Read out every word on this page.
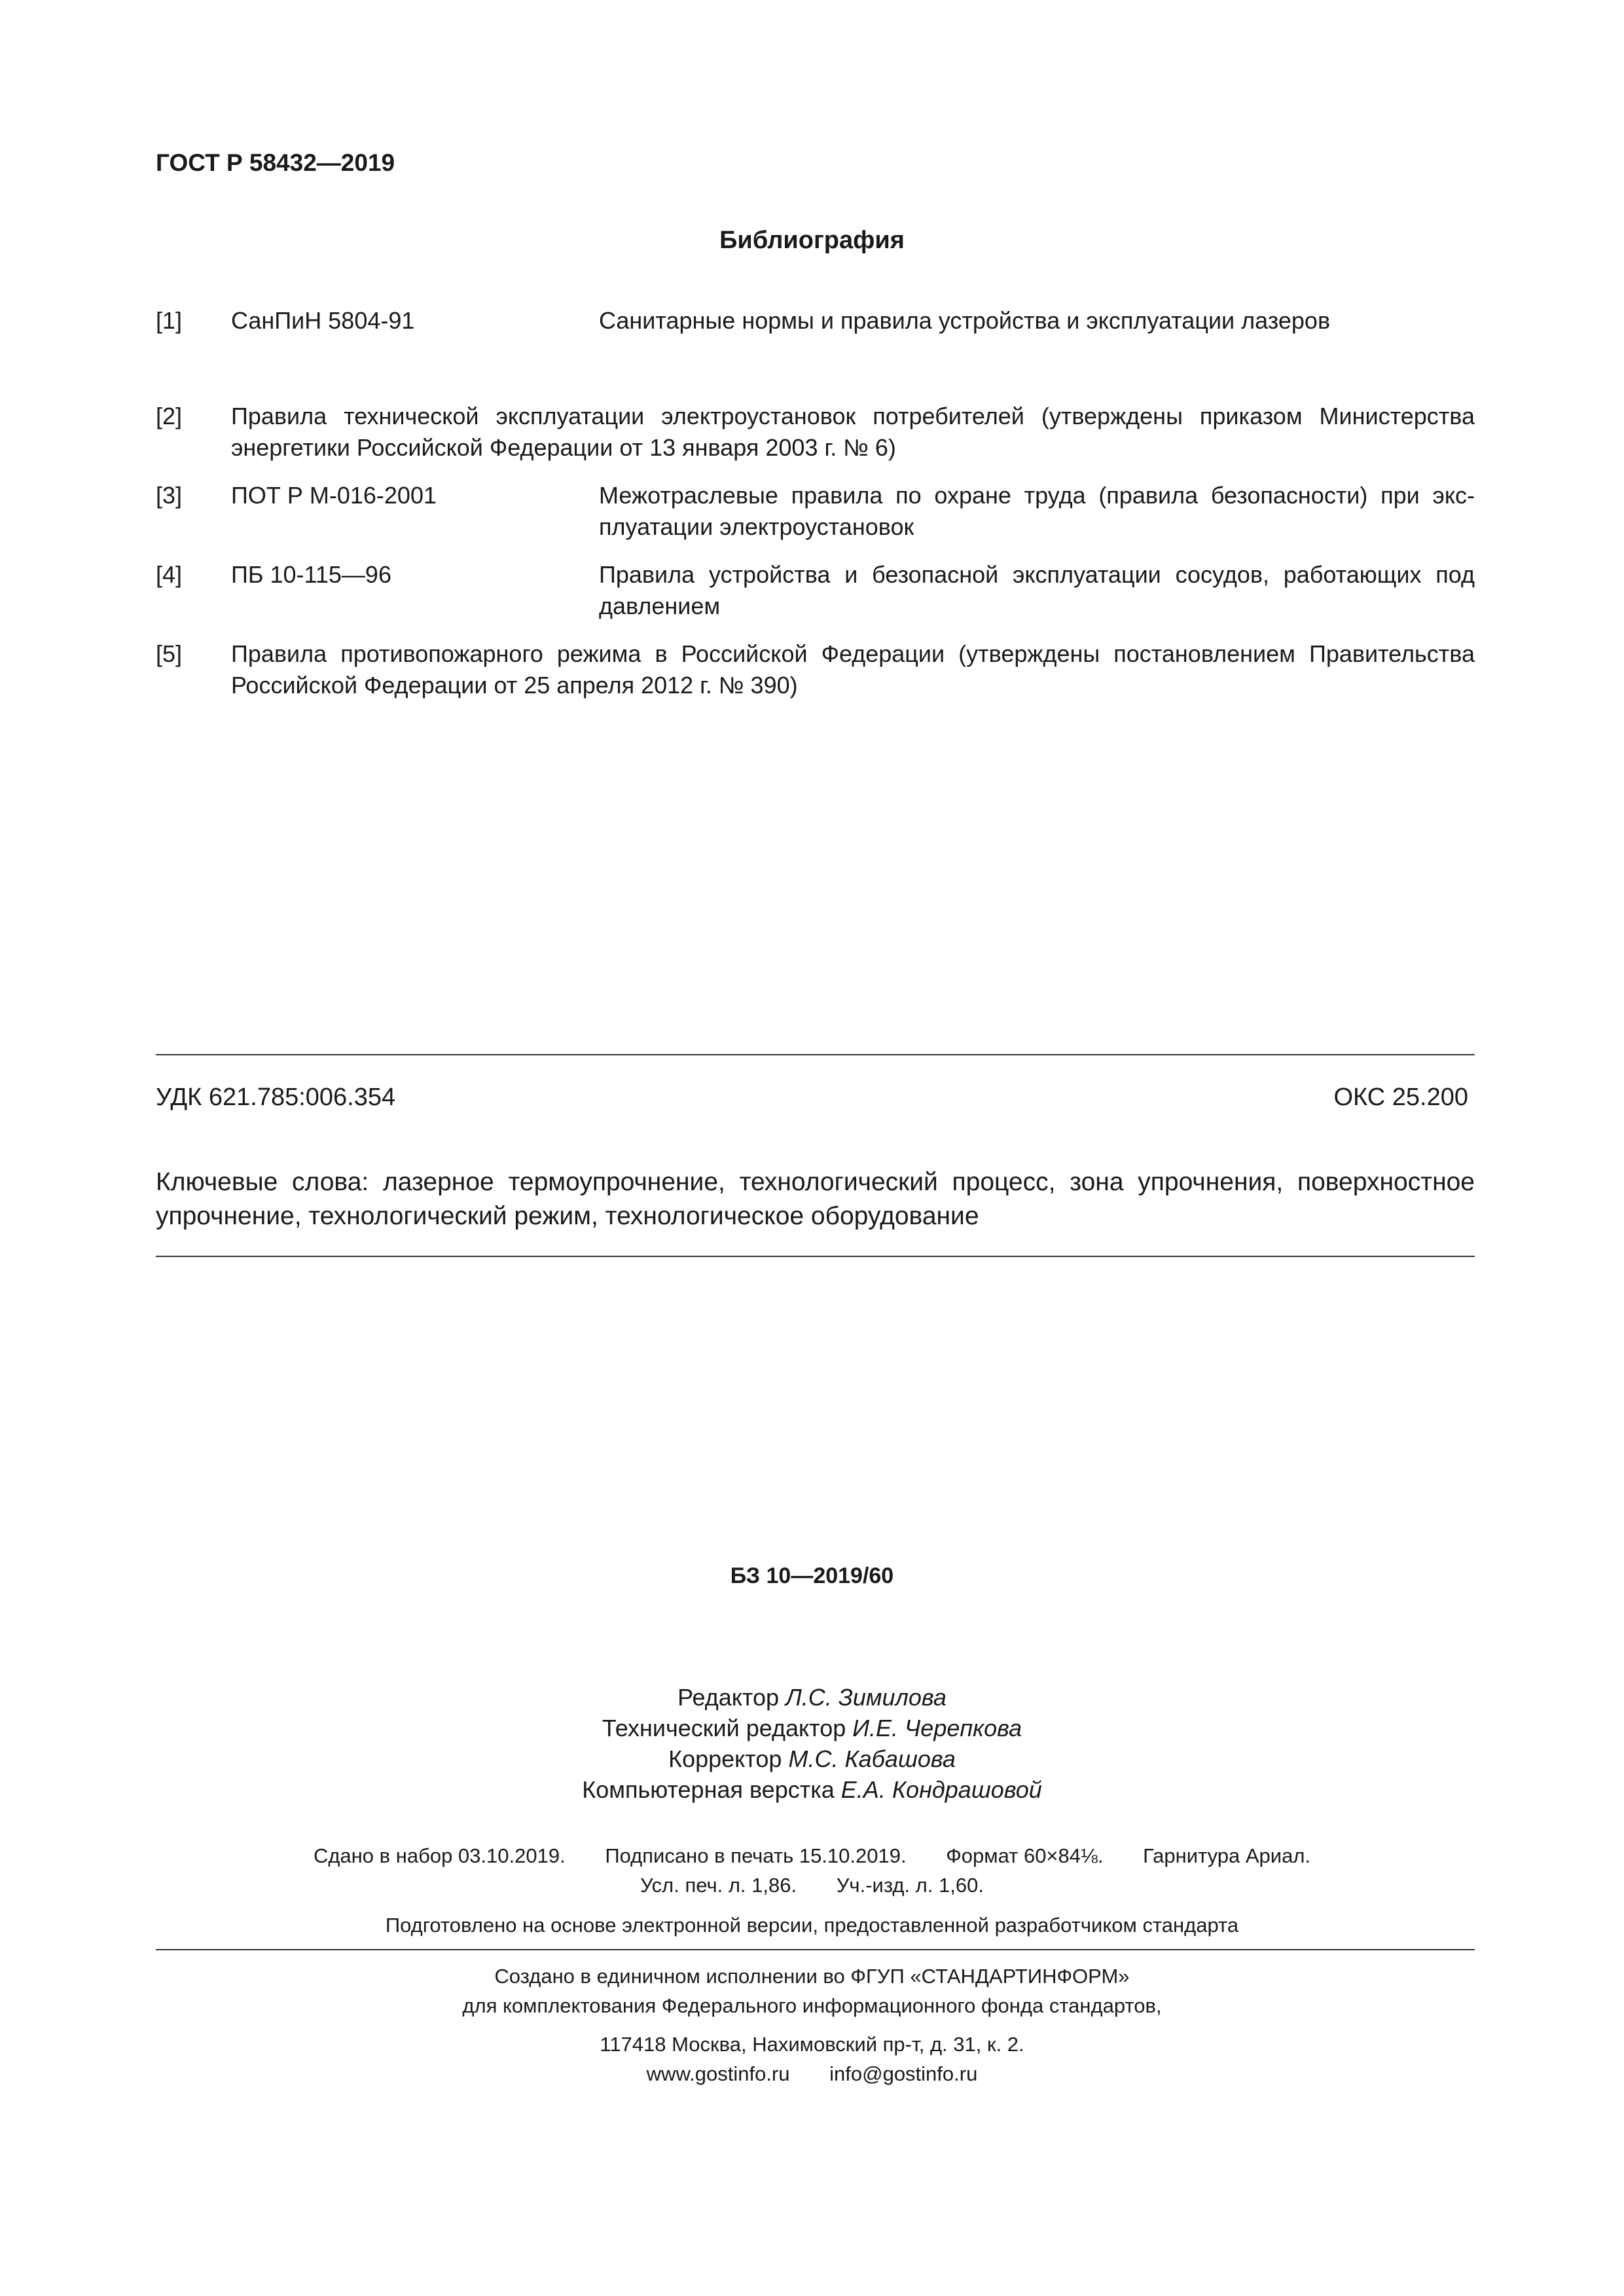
ГОСТ Р 58432—2019
Библиография
[1] СанПиН 5804-91	Санитарные нормы и правила устройства и эксплуатации лазеров
[2] Правила технической эксплуатации электроустановок потребителей (утверждены приказом Министерства энергетики Российской Федерации от 13 января 2003 г. № 6)
[3] ПОТ Р М-016-2001	Межотраслевые правила по охране труда (правила безопасности) при эксплуатации электроустановок
[4] ПБ 10-115—96	Правила устройства и безопасной эксплуатации сосудов, работающих под давлением
[5] Правила противопожарного режима в Российской Федерации (утверждены постановлением Правительства Российской Федерации от 25 апреля 2012 г. № 390)
УДК 621.785:006.354	ОКС 25.200
Ключевые слова: лазерное термоупрочнение, технологический процесс, зона упрочнения, поверхностное упрочнение, технологический режим, технологическое оборудование
БЗ 10—2019/60
Редактор Л.С. Зимилова
Технический редактор И.Е. Черепкова
Корректор М.С. Кабашова
Компьютерная верстка Е.А. Кондрашовой
Сдано в набор 03.10.2019. Подписано в печать 15.10.2019. Формат 60×84⅛. Гарнитура Ариал.
Усл. печ. л. 1,86. Уч.-изд. л. 1,60.
Подготовлено на основе электронной версии, предоставленной разработчиком стандарта
Создано в единичном исполнении во ФГУП «СТАНДАРТИНФОРМ»
для комплектования Федерального информационного фонда стандартов,
117418 Москва, Нахимовский пр-т, д. 31, к. 2.
www.gostinfo.ru info@gostinfo.ru
